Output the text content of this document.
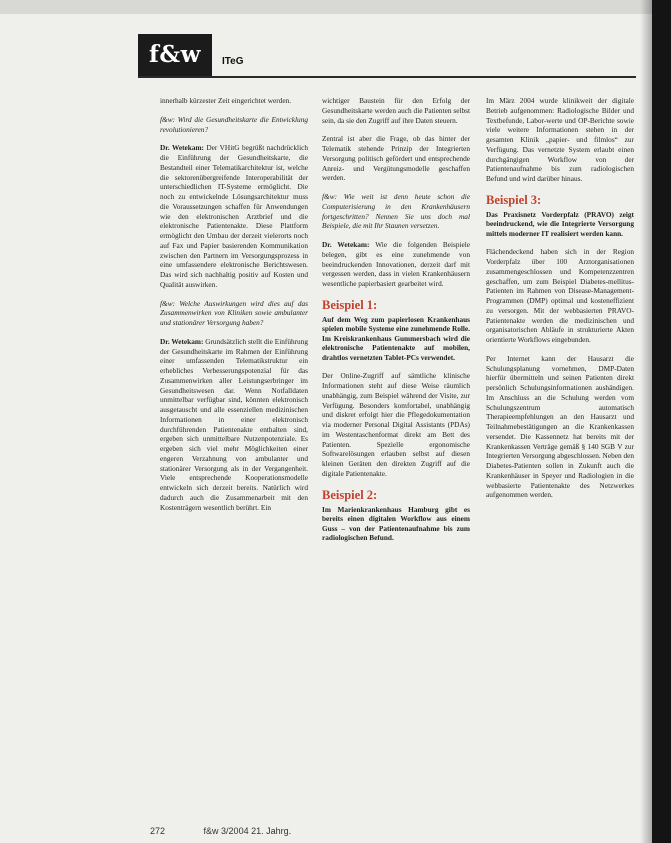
f&w	ITeG

innerhalb kürzester Zeit eingerichtet werden.

f&w: Wird die Gesundheitskarte die Entwicklung revolutionieren?

Dr. Wetekam: Der VHitG begrüßt nachdrücklich die Einführung der Gesundheitskarte, die Bestandteil einer Telematikarchitektur ist, welche die sektorenübergreifende Interoperabilität der unterschiedlichen IT-Systeme ermöglicht. Die noch zu entwickelnde Lösungsarchitektur muss die Voraussetzungen schaffen für Anwendungen wie den elektronischen Arztbrief und die elektronische Patientenakte. Diese Plattform ermöglicht den Umbau der derzeit vielerorts noch auf Fax und Papier basierenden Kommunikation zwischen den Partnern im Versorgungsprozess in eine umfassendere elektronische Berichtswesen. Das wird sich nachhaltig positiv auf Kosten und Qualität auswirken.

f&w: Welche Auswirkungen wird dies auf das Zusammenwirken von Kliniken sowie ambulanter und stationärer Versorgung haben?

Dr. Wetekam: Grundsätzlich stellt die Einführung der Gesundheitskarte im Rahmen der Einführung einer umfassenden Telematikstruktur ein erhebliches Verbesserungspotenzial für das Zusammenwirken aller Leistungserbringer im Gesundheitswesen dar. Wenn Notfalldaten unmittelbar verfügbar sind, könnten elektronisch ausgetauscht und alle essenziellen medizinischen Informationen in einer elektronisch durchführenden Patientenakte enthalten sind, ergeben sich unmittelbare Nutzenpotenziale. Es ergeben sich viel mehr Möglichkeiten einer engeren Verzahnung von ambulanter und stationärer Versorgung als in der Vergangenheit. Viele entsprechende Kooperationsmodelle entwickeln sich derzeit bereits. Natürlich wird dadurch auch die Zusammenarbeit mit den Kostenträgern wesentlich berührt. Ein

wichtiger Baustein für den Erfolg der Gesundheitskarte werden auch die Patienten selbst sein, da sie den Zugriff auf ihre Daten steuern.

Zentral ist aber die Frage, ob das hinter der Telematik stehende Prinzip der Integrierten Versorgung politisch gefördert und entsprechende Anreiz- und Vergütungsmodelle geschaffen werden.

f&w: Wie weit ist denn heute schon die Computerisierung in den Krankenhäusern fortgeschritten? Nennen Sie uns doch mal Beispiele, die mit Ihr Staunen versetzen.

Dr. Wetekam: Wie die folgenden Beispiele belegen, gibt es eine zunehmende von beeindruckenden Innovationen, derzeit darf mit vergessen werden, dass in vielen Krankenhäusern wesentliche papierbasiert gearbeitet wird.

Beispiel 1:
Auf dem Weg zum papierlosen Krankenhaus spielen mobile Systeme eine zunehmende Rolle. Im Kreiskrankenhaus Gummersbach wird die elektronische Patientenakte auf mobilen, drahtlos vernetzten Tablet-PCs verwendet.

Der Online-Zugriff auf sämtliche klinische Informationen steht auf diese Weise räumlich unabhängig, zum Beispiel während der Visite, zur Verfügung. Besonders komfortabel, unabhängig und diskret erfolgt hier die Pflegedokumentation via moderner Personal Digital Assistants (PDAs) im Westentaschenformat direkt am Bett des Patienten. Spezielle ergonomische Softwarelösungen erlauben selbst auf diesen kleinen Geräten den direkten Zugriff auf die digitale Patientenakte.

Beispiel 2:
Im Marienkrankenhaus Hamburg gibt es bereits einen digitalen Workflow aus einem Guss – von der Patientenaufnahme bis zum radiologischen Befund.

Im März 2004 wurde klinikweit der digitale Betrieb aufgenommen: Radiologische Bilder und Textbefunde, Labor-werte und OP-Berichte sowie viele weitere Informationen stehen in der gesamten Klinik „papier- und filmlos“ zur Verfügung. Das vernetzte System erlaubt einen durchgängigen Workflow von der Patientenaufnahme bis zum radiologischen Befund und wird darüber hinaus.

Beispiel 3:
Das Praxisnetz Vorderpfalz (PRAVO) zeigt beeindruckend, wie die Integrierte Versorgung mittels moderner IT realisiert werden kann.

Flächendeckend haben sich in der Region Vorderpfalz über 100 Arztorganisationen zusammengeschlossen und Kompetenzzentren geschaffen, um zum Beispiel Diabetes-mellitus-Patienten im Rahmen von Disease-Management-Programmen (DMP) optimal und kosteneffizient zu versorgen. Mit der webbasierten PRAVO-Patientenakte werden die medizinischen und organisatorischen Abläufe in strukturierte Akten orientierte Workflows eingebunden.

Per Internet kann der Hausarzt die Schulungsplanung vornehmen, DMP-Daten hierfür übermitteln und seinen Patienten direkt persönlich Schulungsinformationen aushändigen. Im Anschluss an die Schulung werden vom Schulungszentrum automatisch Therapieempfehlungen an den Hausarzt und Teilnahmebestätigungen an die Krankenkassen versendet. Die Kassennetz hat bereits mit der Krankenkassen Verträge gemäß § 140 SGB V zur Integrierten Versorgung abgeschlossen. Neben den Diabetes-Patienten sollen in Zukunft auch die Krankenhäuser in Speyer und Radiologien in die webbasierte Patientenakte des Netzwerkes aufgenommen werden.

272	f&w 3/2004 21. Jahrg.
